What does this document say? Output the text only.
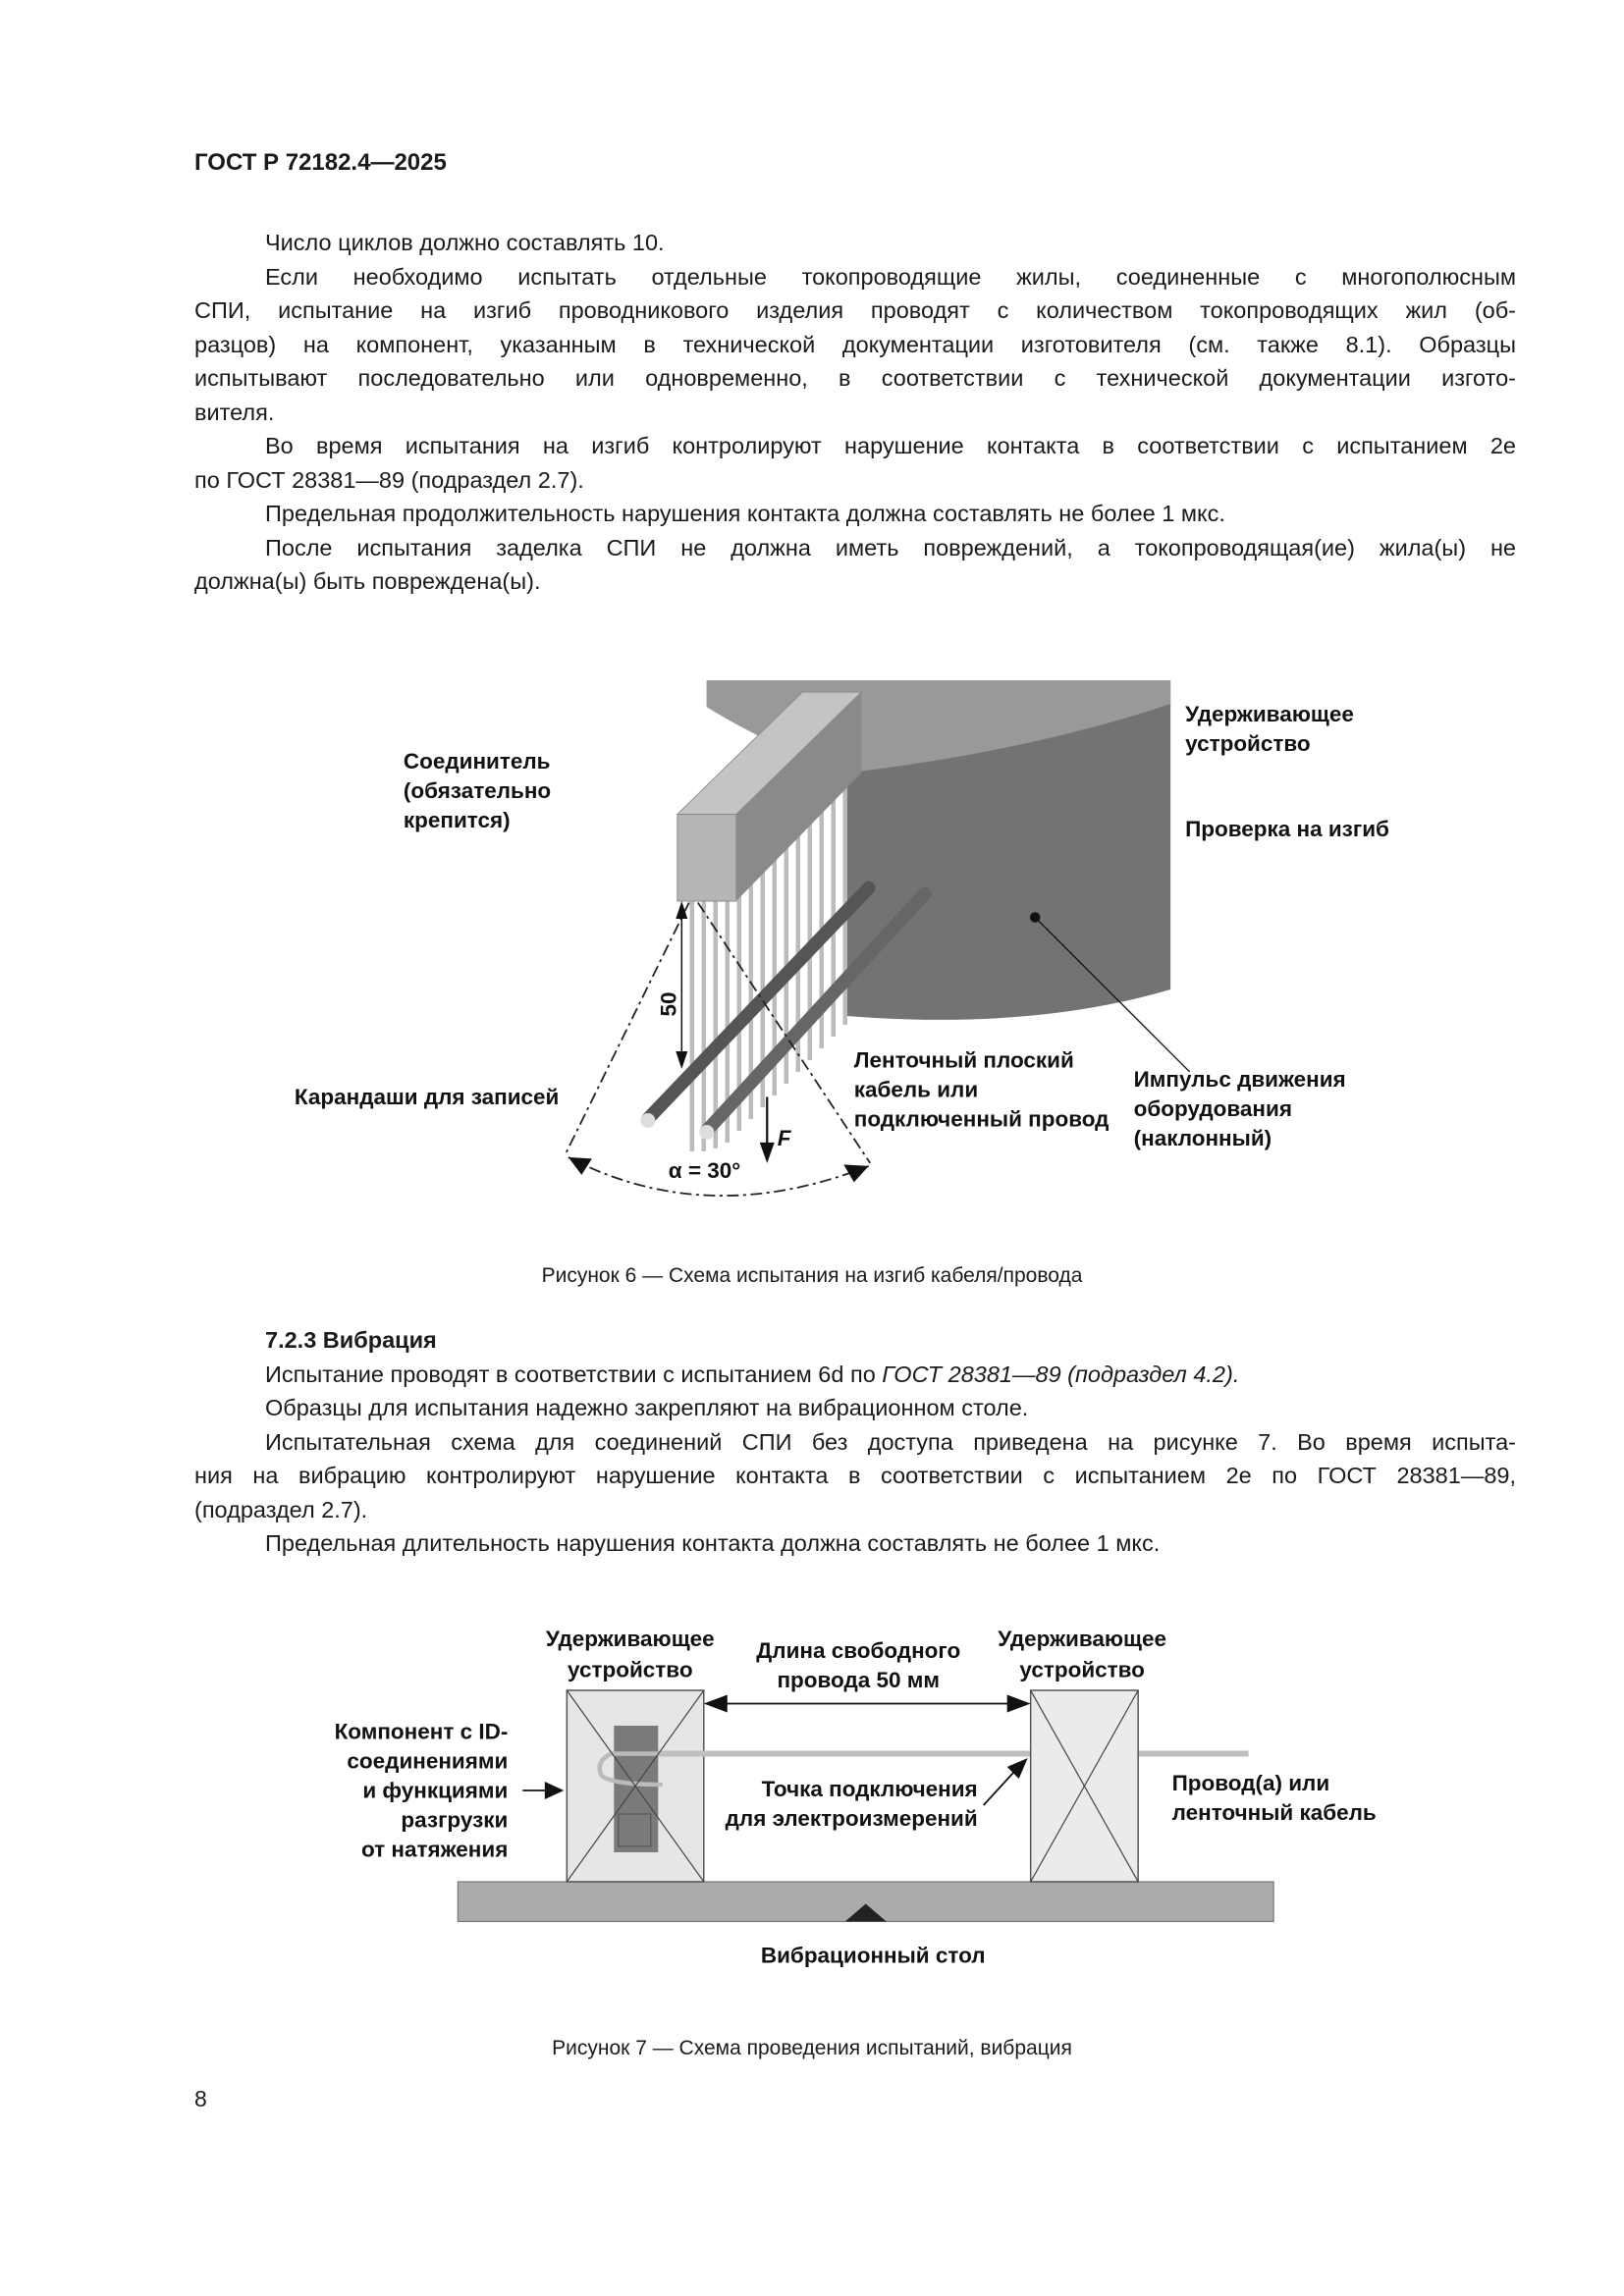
ГОСТ Р 72182.4—2025
Число циклов должно составлять 10.
Если необходимо испытать отдельные токопроводящие жилы, соединенные с многополюсным
СПИ, испытание на изгиб проводникового изделия проводят с количеством токопроводящих жил (об-
разцов) на компонент, указанным в технической документации изготовителя (см. также 8.1). Образцы
испытывают последовательно или одновременно, в соответствии с технической документации изгото-
вителя.
Во время испытания на изгиб контролируют нарушение контакта в соответствии с испытанием 2е
по ГОСТ 28381—89 (подраздел 2.7).
Предельная продолжительность нарушения контакта должна составлять не более 1 мкс.
После испытания заделка СПИ не должна иметь повреждений, а токопроводящая(ие) жила(ы) не
должна(ы) быть повреждена(ы).
50
F
α = 30°
Удерживающее устройство
Проверка на изгиб
Соединитель (обязательно крепится)
Карандаши для записей
Ленточный плоский кабель или подключенный провод
Импульс движения оборудования (наклонный)
Рисунок 6 — Схема испытания на изгиб кабеля/провода
7.2.3 Вибрация
Испытание проводят в соответствии с испытанием 6d по ГОСТ 28381—89 (подраздел 4.2).
Образцы для испытания надежно закрепляют на вибрационном столе.
Испытательная схема для соединений СПИ без доступа приведена на рисунке 7. Во время испыта-
ния на вибрацию контролируют нарушение контакта в соответствии с испытанием 2е по ГОСТ 28381—89,
(подраздел 2.7).
Предельная длительность нарушения контакта должна составлять не более 1 мкс.
Удерживающее устройство
Длина свободного провода 50 мм
Удерживающее устройство
Компонент с ID-соединениями и функциями разгрузки от натяжения
Точка подключения для электроизмерений
Провод(а) или ленточный кабель
Вибрационный стол
Рисунок 7 — Схема проведения испытаний, вибрация
8
